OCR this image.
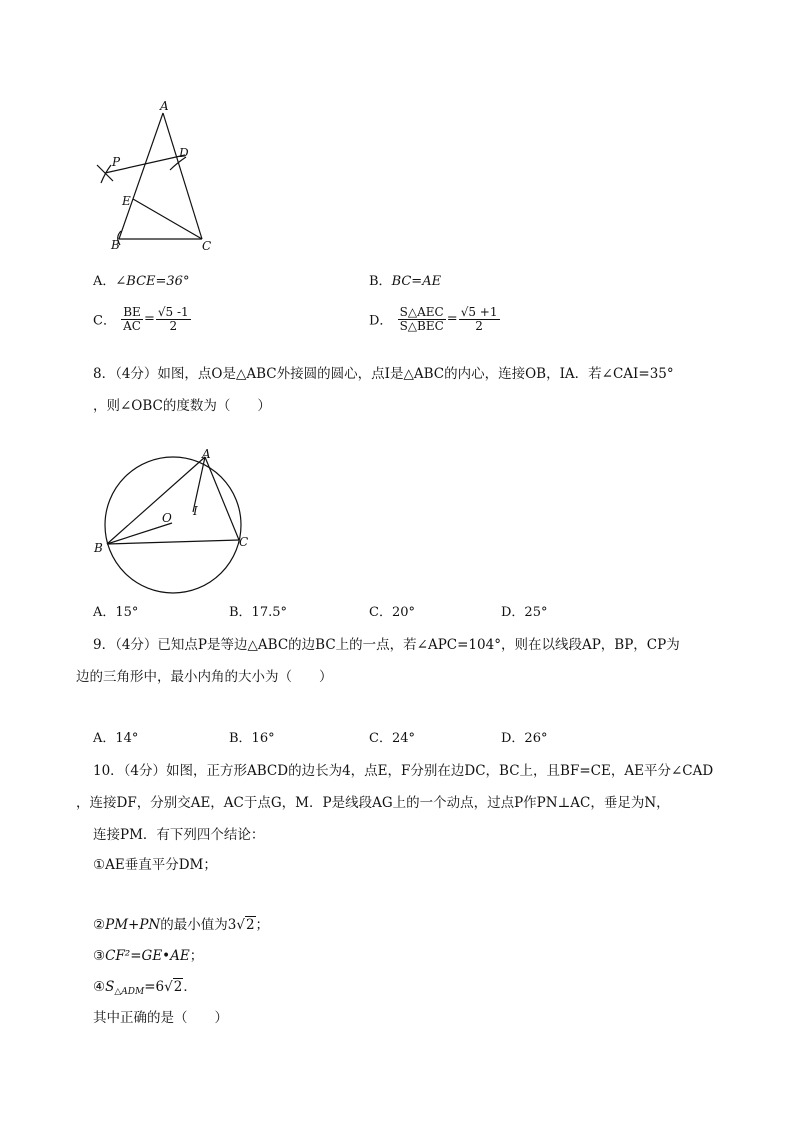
A
P
D
E
B	C
A．∠BCE=36°	B．BC=AE
C． $\frac{BE}{AC} = \frac{√5 -1}{2}$	D． $\frac{\text{S△AEC}}{\text{S△BEC}} = \frac{√5 +1}{2}$
8．（4分）如图，点O是△ABC外接圆的圆心，点I是△ABC的内心，连接OB，IA．若∠CAI=35°
，则∠OBC的度数为（　　）
A
O I
B	C
A．15°	B．17.5°	C．20°	D．25°
9．（4分）已知点P是等边△ABC的边BC上的一点，若∠APC=104°，则在以线段AP，BP，CP为
边的三角形中，最小内角的大小为（　　）
A．14°	B．16°	C．24°	D．26°
10．（4分）如图，正方形ABCD的边长为4，点E，F分别在边DC，BC上，且BF=CE，AE平分∠CAD
，连接DF，分别交AE，AC于点G，M．P是线段AG上的一个动点，过点P作PN⊥AC，垂足为N，
连接PM．有下列四个结论：
①AE垂直平分DM；
②PM+PN的最小值为3√2；
③CF²=GE•AE；
$④S_{\triangle ADM}=6√2$．
其中正确的是（　　）
